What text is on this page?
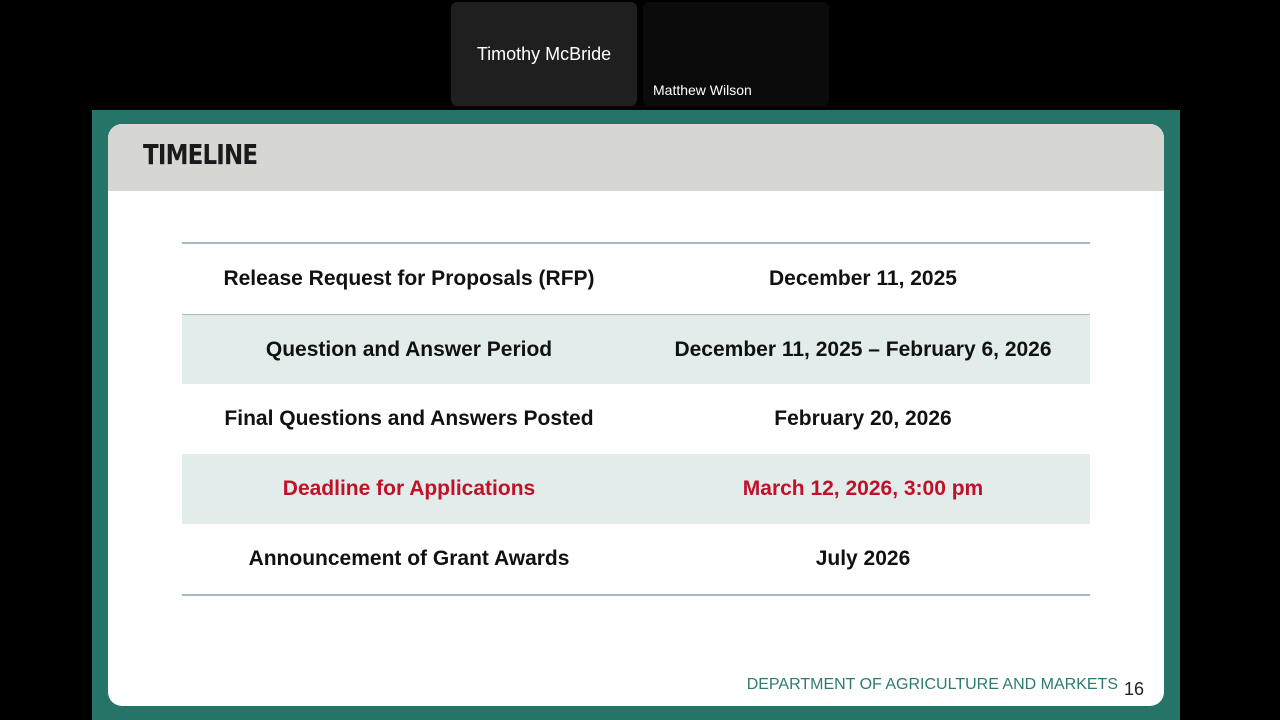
Timothy McBride
Matthew Wilson
TIMELINE
Release Request for Proposals (RFP)	December 11, 2025
Question and Answer Period	December 11, 2025 – February 6, 2026
Final Questions and Answers Posted	February 20, 2026
Deadline for Applications	March 12, 2026, 3:00 pm
Announcement of Grant Awards	July 2026
DEPARTMENT OF AGRICULTURE AND MARKETS 16
